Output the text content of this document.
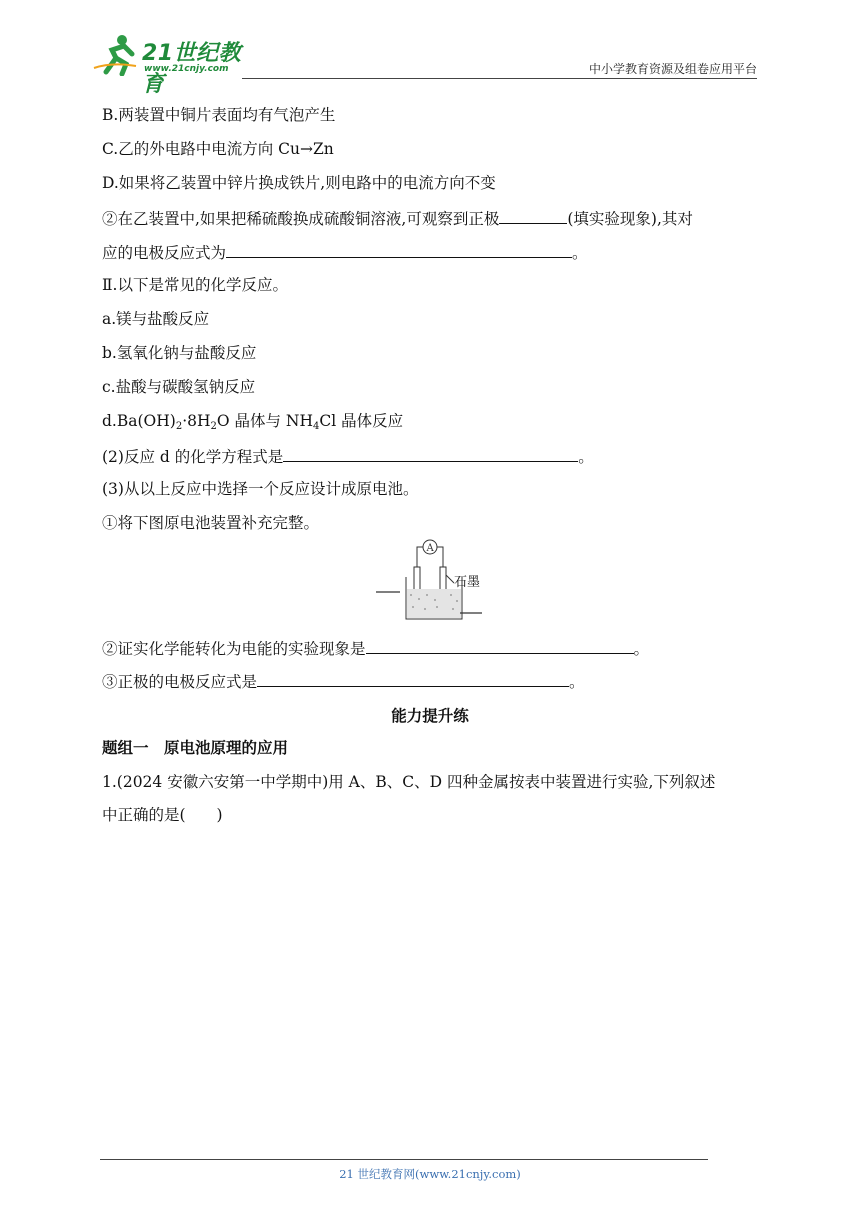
21世纪教育
www.21cnjy.com	中小学教育资源及组卷应用平台
B.两装置中铜片表面均有气泡产生
C.乙的外电路中电流方向 Cu→Zn
D.如果将乙装置中锌片换成铁片,则电路中的电流方向不变
②在乙装置中,如果把稀硫酸换成硫酸铜溶液,可观察到正极	(填实验现象),其对
应的电极反应式为	。
Ⅱ.以下是常见的化学反应。
a.镁与盐酸反应
b.氢氧化钠与盐酸反应
c.盐酸与碳酸氢钠反应
$d.Ba(OH)_2\cdot 8H_2O$ 晶体与 $NH_4Cl$ 晶体反应
(2)反应 d 的化学方程式是	。
(3)从以上反应中选择一个反应设计成原电池。
①将下图原电池装置补充完整。
A
石墨
②证实化学能转化为电能的实验现象是	。
③正极的电极反应式是	。
能力提升练
题组一　原电池原理的应用
1.(2024 安徽六安第一中学期中)用 A、B、C、D 四种金属按表中装置进行实验,下列叙述
中正确的是(　　)
21 世纪教育网(www.21cnjy.com)
